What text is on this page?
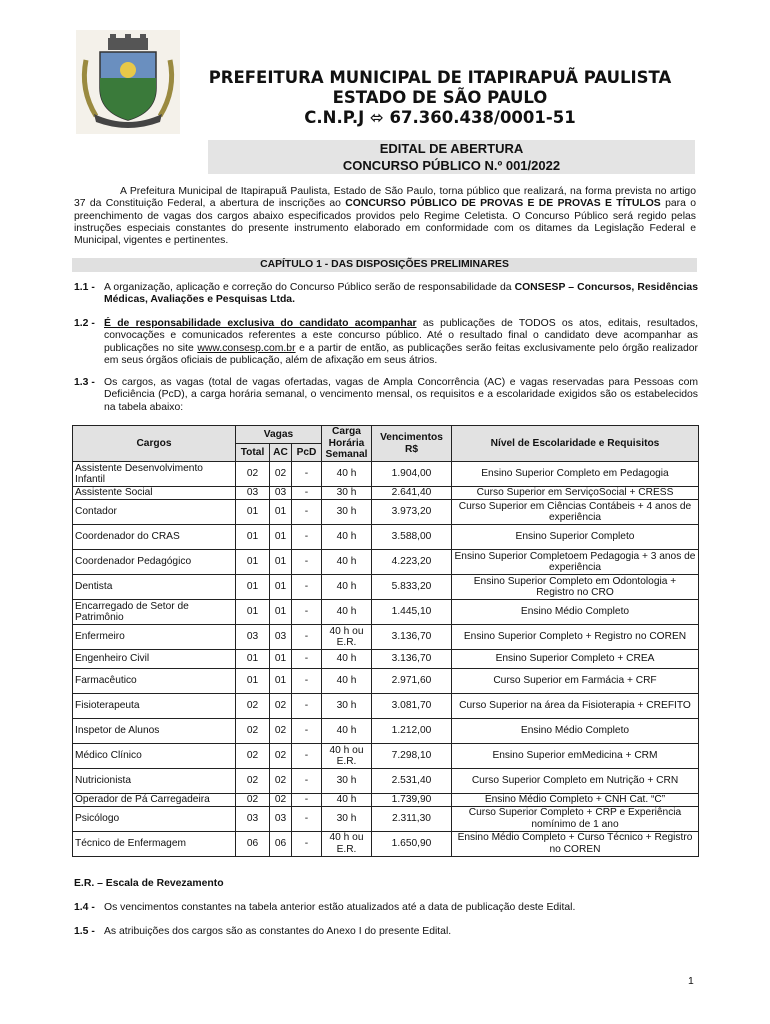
PREFEITURA MUNICIPAL DE ITAPIRAPUÃ PAULISTA
ESTADO DE SÃO PAULO
C.N.P.J ⬄ 67.360.438/0001-51
EDITAL DE ABERTURA
CONCURSO PÚBLICO N.º 001/2022
A Prefeitura Municipal de Itapirapuã Paulista, Estado de São Paulo, torna público que realizará, na forma prevista no artigo 37 da Constituição Federal, a abertura de inscrições ao CONCURSO PÚBLICO DE PROVAS E DE PROVAS E TÍTULOS para o preenchimento de vagas dos cargos abaixo especificados providos pelo Regime Celetista. O Concurso Público será regido pelas instruções especiais constantes do presente instrumento elaborado em conformidade com os ditames da Legislação Federal e Municipal, vigentes e pertinentes.
CAPÍTULO 1 - DAS DISPOSIÇÕES PRELIMINARES
1.1 - A organização, aplicação e correção do Concurso Público serão de responsabilidade da CONSESP – Concursos, Residências Médicas, Avaliações e Pesquisas Ltda.
1.2 - É de responsabilidade exclusiva do candidato acompanhar as publicações de TODOS os atos, editais, resultados, convocações e comunicados referentes a este concurso público. Até o resultado final o candidato deve acompanhar as publicações no site www.consesp.com.br e a partir de então, as publicações serão feitas exclusivamente pelo órgão realizador em seus órgãos oficiais de publicação, além de afixação em seus átrios.
1.3 - Os cargos, as vagas (total de vagas ofertadas, vagas de Ampla Concorrência (AC) e vagas reservadas para Pessoas com Deficiência (PcD), a carga horária semanal, o vencimento mensal, os requisitos e a escolaridade exigidos são os estabelecidos na tabela abaixo:
Cargos	Vagas			Carga Horária Semanal	Vencimentos R$	Nível de Escolaridade e Requisitos
	Total	AC	PcD			
Assistente Desenvolvimento Infantil	02	02	-	40 h	1.904,00	Ensino Superior Completo em Pedagogia
Assistente Social	03	03	-	30 h	2.641,40	Curso Superior em ServiçoSocial + CRESS
Contador	01	01	-	30 h	3.973,20	Curso Superior em Ciências Contábeis + 4 anos de experiência
Coordenador do CRAS	01	01	-	40 h	3.588,00	Ensino Superior Completo
Coordenador Pedagógico	01	01	-	40 h	4.223,20	Ensino Superior Completoem Pedagogia + 3 anos de experiência
Dentista	01	01	-	40 h	5.833,20	Ensino Superior Completo em Odontologia + Registro no CRO
Encarregado de Setor de Patrimônio	01	01	-	40 h	1.445,10	Ensino Médio Completo
Enfermeiro	03	03	-	40 h ou E.R.	3.136,70	Ensino Superior Completo + Registro no COREN
Engenheiro Civil	01	01	-	40 h	3.136,70	Ensino Superior Completo + CREA
Farmacêutico	01	01	-	40 h	2.971,60	Curso Superior em Farmácia + CRF
Fisioterapeuta	02	02	-	30 h	3.081,70	Curso Superior na área da Fisioterapia + CREFITO
Inspetor de Alunos	02	02	-	40 h	1.212,00	Ensino Médio Completo
Médico Clínico	02	02	-	40 h ou E.R.	7.298,10	Ensino Superior emMedicina + CRM
Nutricionista	02	02	-	30 h	2.531,40	Curso Superior Completo em Nutrição + CRN
Operador de Pá Carregadeira	02	02	-	40 h	1.739,90	Ensino Médio Completo + CNH Cat. “C”
Psicólogo	03	03	-	30 h	2.311,30	Curso Superior Completo + CRP e Experiência nomínimo de 1 ano
Técnico de Enfermagem	06	06	-	40 h ou E.R.	1.650,90	Ensino Médio Completo + Curso Técnico + Registro no COREN
E.R. – Escala de Revezamento
1.4 - Os vencimentos constantes na tabela anterior estão atualizados até a data de publicação deste Edital.
1.5 - As atribuições dos cargos são as constantes do Anexo I do presente Edital.
1
